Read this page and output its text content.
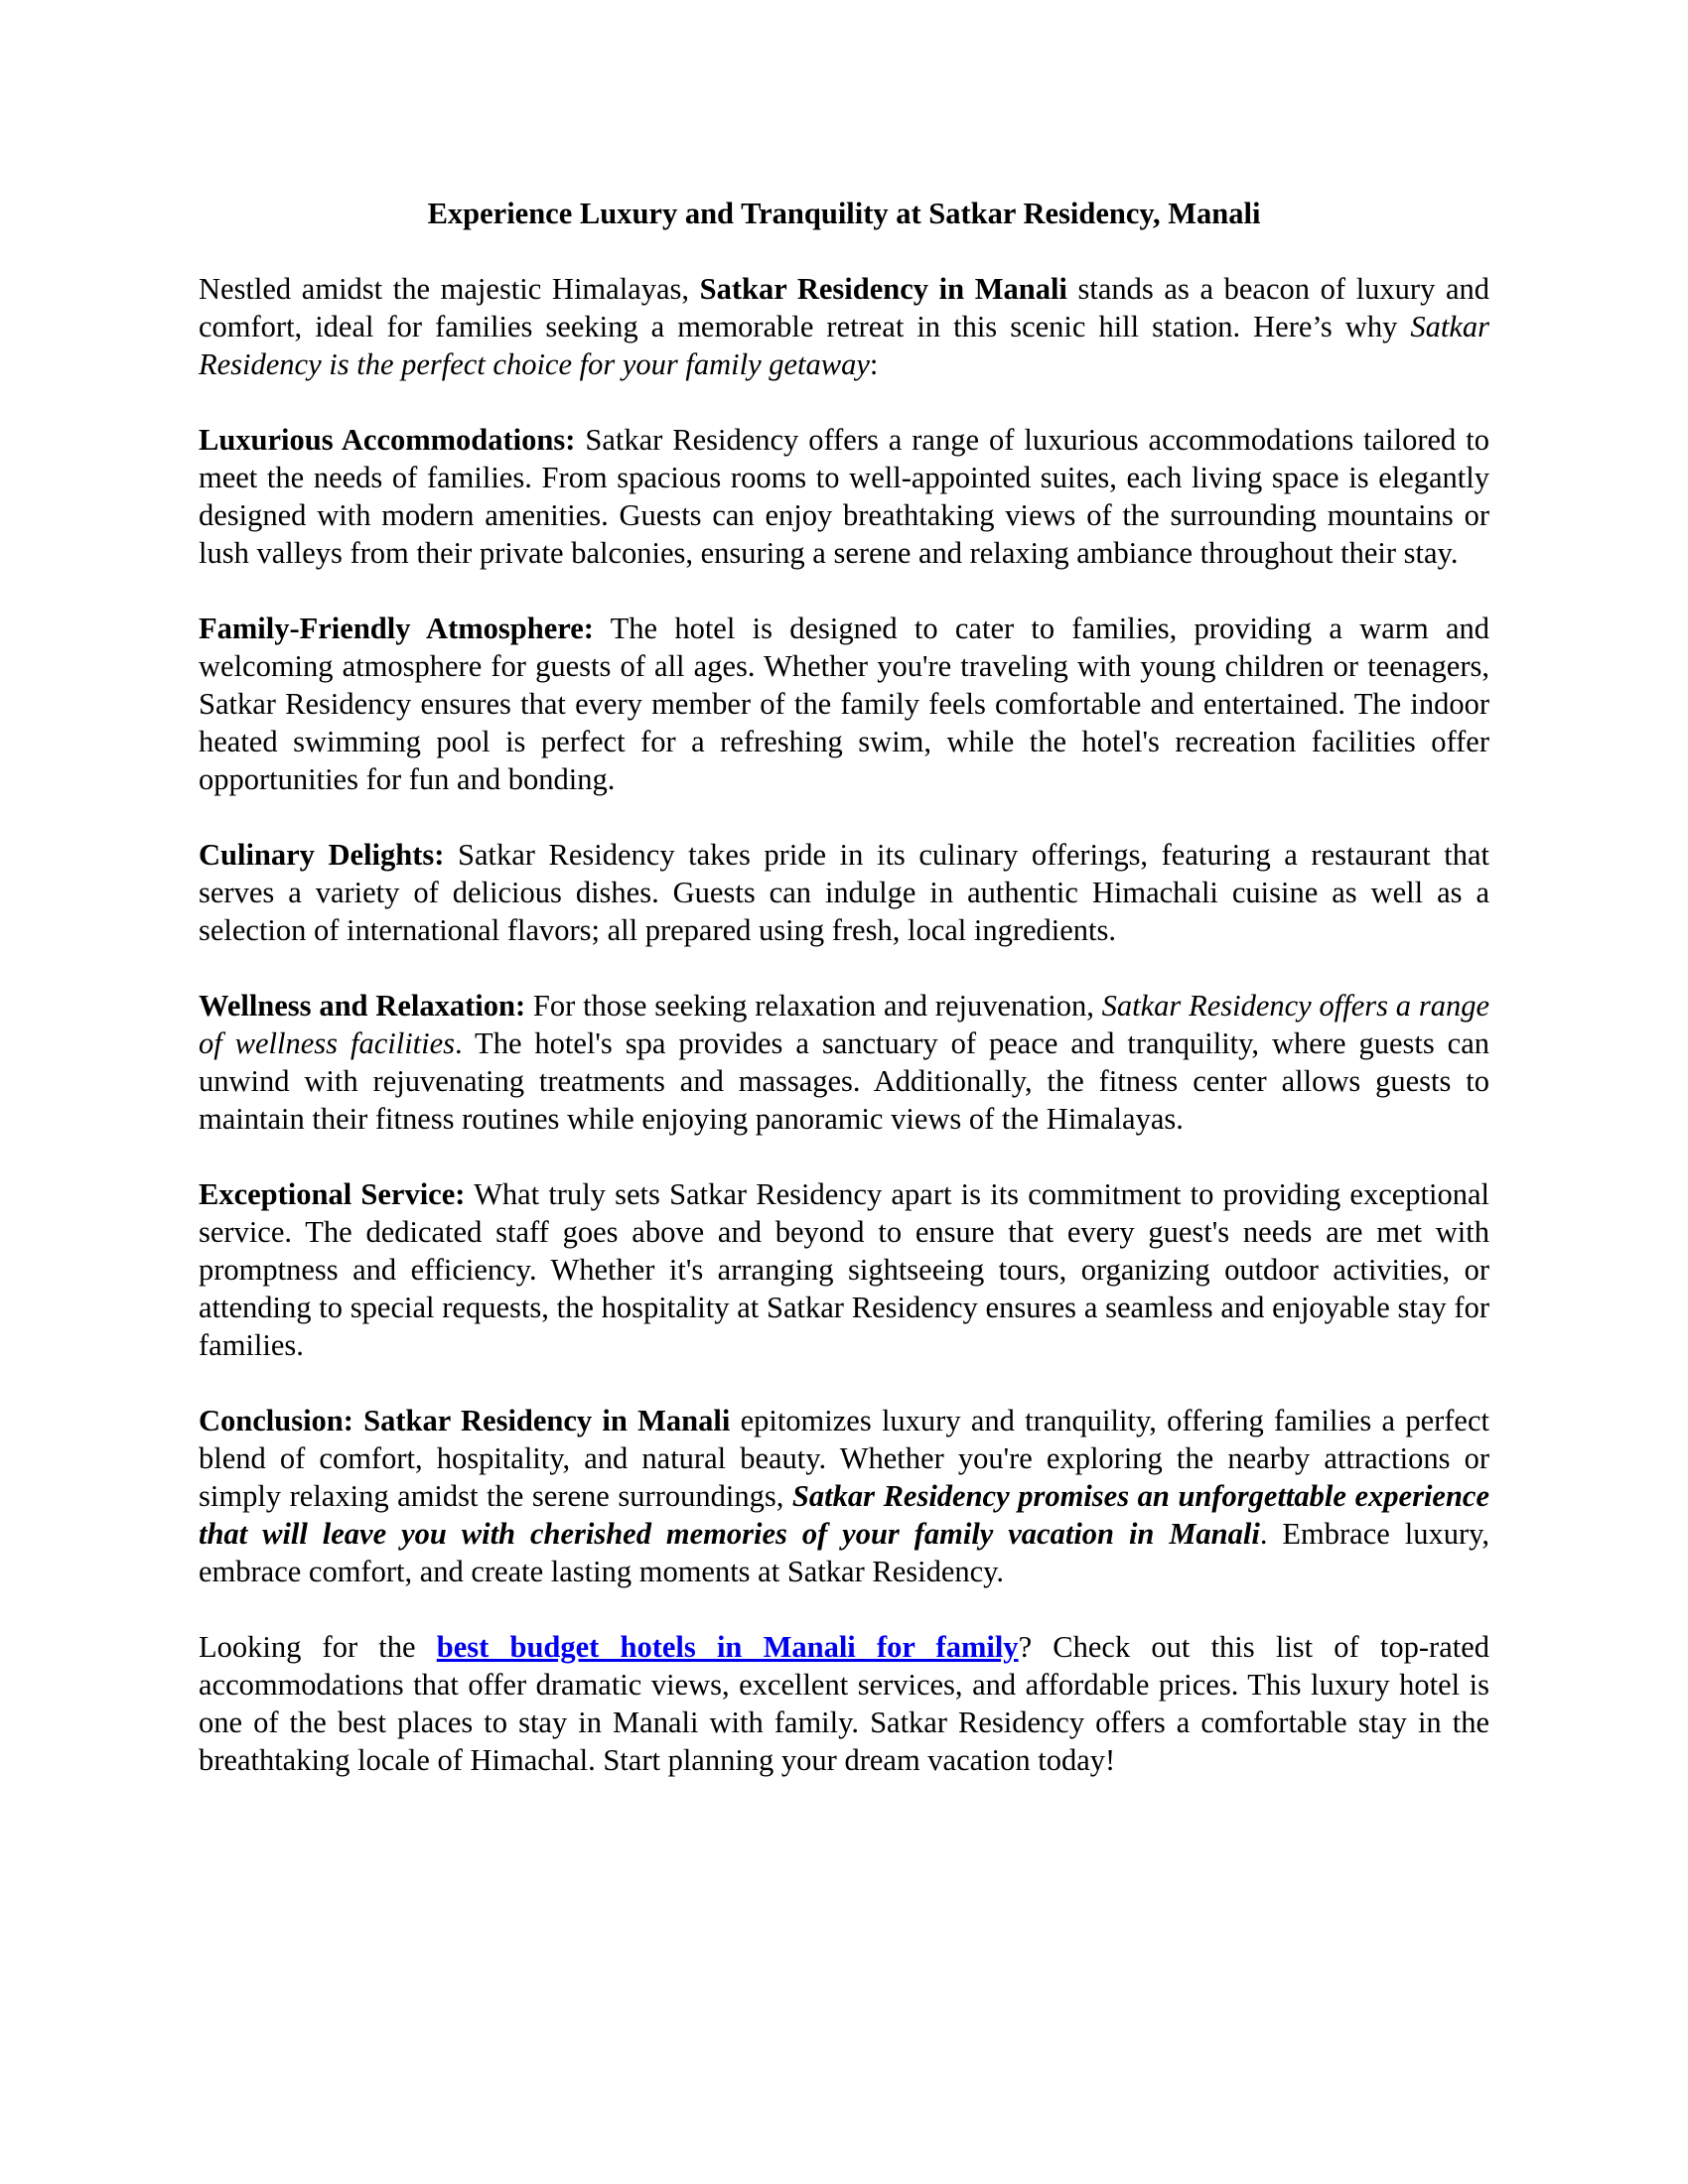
Experience Luxury and Tranquility at Satkar Residency, Manali

Nestled amidst the majestic Himalayas, Satkar Residency in Manali stands as a beacon of luxury and comfort, ideal for families seeking a memorable retreat in this scenic hill station. Here’s why Satkar Residency is the perfect choice for your family getaway:

Luxurious Accommodations: Satkar Residency offers a range of luxurious accommodations tailored to meet the needs of families. From spacious rooms to well-appointed suites, each living space is elegantly designed with modern amenities. Guests can enjoy breathtaking views of the surrounding mountains or lush valleys from their private balconies, ensuring a serene and relaxing ambiance throughout their stay.

Family-Friendly Atmosphere: The hotel is designed to cater to families, providing a warm and welcoming atmosphere for guests of all ages. Whether you're traveling with young children or teenagers, Satkar Residency ensures that every member of the family feels comfortable and entertained. The indoor heated swimming pool is perfect for a refreshing swim, while the hotel's recreation facilities offer opportunities for fun and bonding.

Culinary Delights: Satkar Residency takes pride in its culinary offerings, featuring a restaurant that serves a variety of delicious dishes. Guests can indulge in authentic Himachali cuisine as well as a selection of international flavors; all prepared using fresh, local ingredients.

Wellness and Relaxation: For those seeking relaxation and rejuvenation, Satkar Residency offers a range of wellness facilities. The hotel's spa provides a sanctuary of peace and tranquility, where guests can unwind with rejuvenating treatments and massages. Additionally, the fitness center allows guests to maintain their fitness routines while enjoying panoramic views of the Himalayas.

Exceptional Service: What truly sets Satkar Residency apart is its commitment to providing exceptional service. The dedicated staff goes above and beyond to ensure that every guest's needs are met with promptness and efficiency. Whether it's arranging sightseeing tours, organizing outdoor activities, or attending to special requests, the hospitality at Satkar Residency ensures a seamless and enjoyable stay for families.

Conclusion: Satkar Residency in Manali epitomizes luxury and tranquility, offering families a perfect blend of comfort, hospitality, and natural beauty. Whether you're exploring the nearby attractions or simply relaxing amidst the serene surroundings, Satkar Residency promises an unforgettable experience that will leave you with cherished memories of your family vacation in Manali. Embrace luxury, embrace comfort, and create lasting moments at Satkar Residency.

Looking for the best budget hotels in Manali for family? Check out this list of top-rated accommodations that offer dramatic views, excellent services, and affordable prices. This luxury hotel is one of the best places to stay in Manali with family. Satkar Residency offers a comfortable stay in the breathtaking locale of Himachal. Start planning your dream vacation today!
